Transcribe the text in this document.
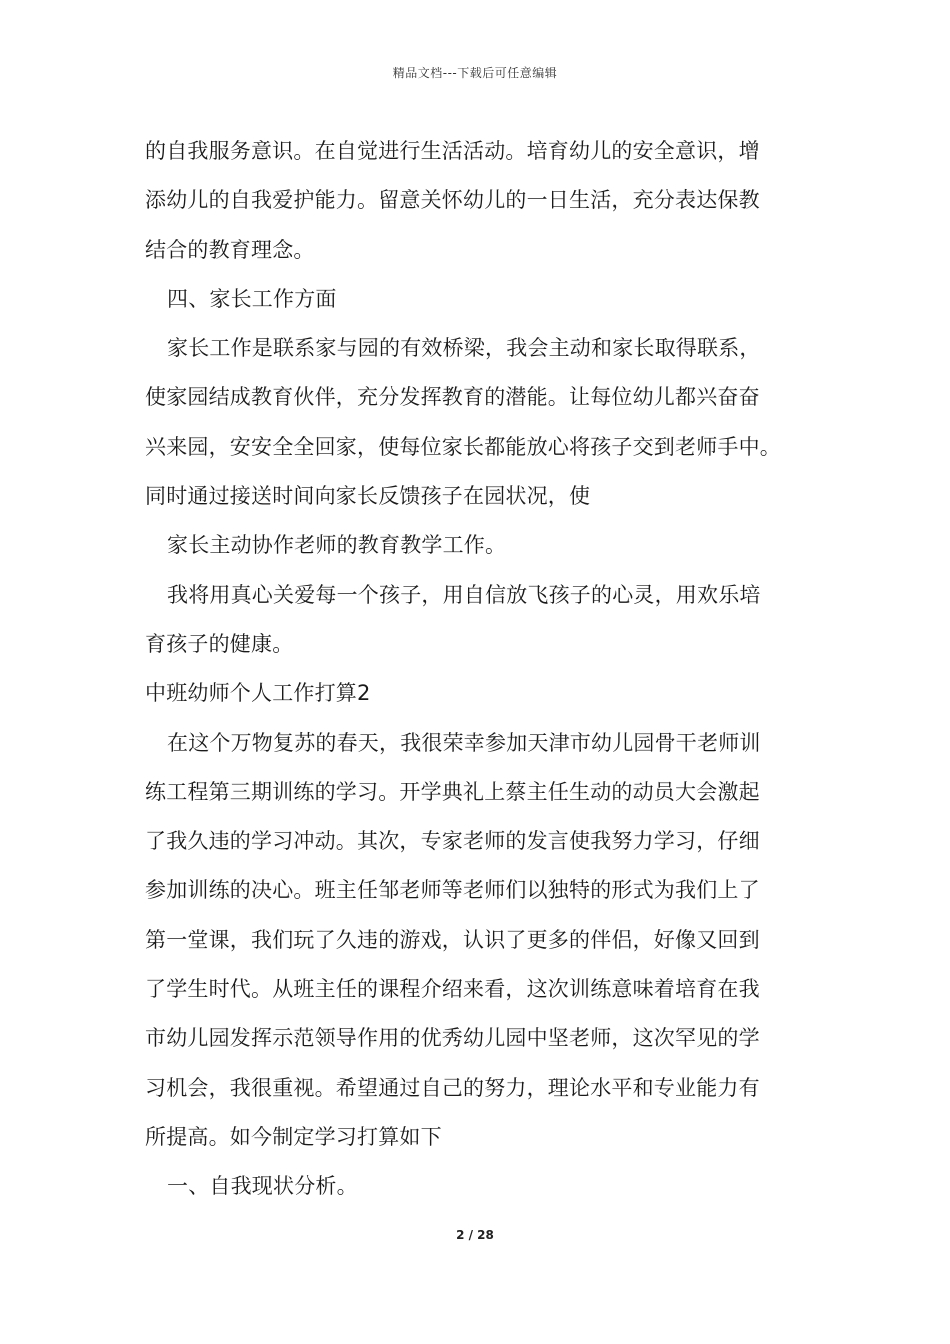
精品文档---下载后可任意编辑
的自我服务意识。在自觉进行生活活动。培育幼儿的安全意识，增
添幼儿的自我爱护能力。留意关怀幼儿的一日生活，充分表达保教
结合的教育理念。
四、家长工作方面
家长工作是联系家与园的有效桥梁，我会主动和家长取得联系，
使家园结成教育伙伴，充分发挥教育的潜能。让每位幼儿都兴奋奋
兴来园，安安全全回家，使每位家长都能放心将孩子交到老师手中。
同时通过接送时间向家长反馈孩子在园状况，使
家长主动协作老师的教育教学工作。
我将用真心关爱每一个孩子，用自信放飞孩子的心灵，用欢乐培
育孩子的健康。
中班幼师个人工作打算2
在这个万物复苏的春天，我很荣幸参加天津市幼儿园骨干老师训
练工程第三期训练的学习。开学典礼上蔡主任生动的动员大会激起
了我久违的学习冲动。其次，专家老师的发言使我努力学习，仔细
参加训练的决心。班主任邹老师等老师们以独特的形式为我们上了
第一堂课，我们玩了久违的游戏，认识了更多的伴侣，好像又回到
了学生时代。从班主任的课程介绍来看，这次训练意味着培育在我
市幼儿园发挥示范领导作用的优秀幼儿园中坚老师，这次罕见的学
习机会，我很重视。希望通过自己的努力，理论水平和专业能力有
所提高。如今制定学习打算如下
一、自我现状分析。
2 / 28
